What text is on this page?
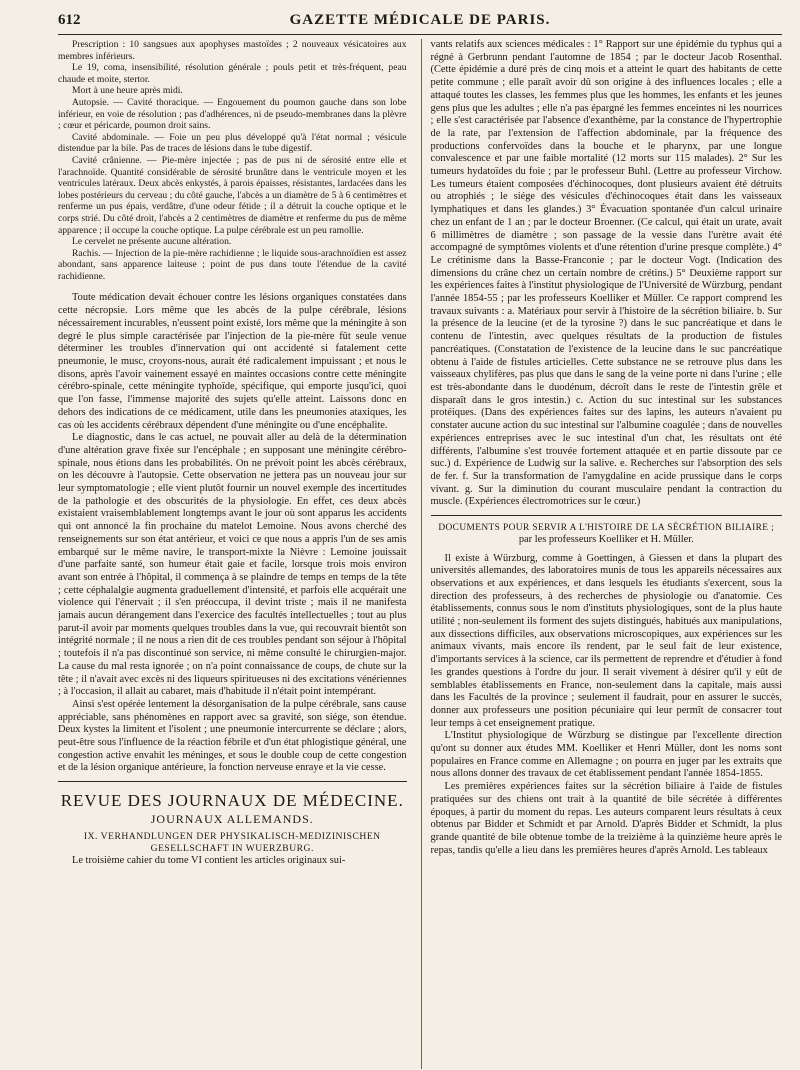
612	GAZETTE MÉDICALE DE PARIS.

Prescription : 10 sangsues aux apophyses mastoïdes ; 2 nouveaux vésicatoires aux membres inférieurs.

Le 19, coma, insensibilité, résolution générale ; pouls petit et très-fréquent, peau chaude et moite, stertor.

Mort à une heure après midi.

Autopsie. — Cavité thoracique. — Engouement du poumon gauche dans son lobe inférieur, en voie de résolution ; pas d'adhérences, ni de pseudo-membranes dans la plèvre ; cœur et péricarde, poumon droit sains.

Cavité abdominale. — Foie un peu plus développé qu'à l'état normal ; vésicule distendue par la bile. Pas de traces de lésions dans le tube digestif.

Cavité crânienne. — Pie-mère injectée ; pas de pus ni de sérosité entre elle et l'arachnoïde. Quantité considérable de sérosité brunâtre dans le ventricule moyen et les ventricules latéraux. Deux abcès enkystés, à parois épaisses, résistantes, lardacées dans les lobes postérieurs du cerveau ; du côté gauche, l'abcès a un diamètre de 5 à 6 centimètres et renferme un pus épais, verdâtre, d'une odeur fétide ; il a détruit la couche optique et le corps strié. Du côté droit, l'abcès a 2 centimètres de diamètre et renferme du pus de même apparence ; il occupe la couche optique. La pulpe cérébrale est un peu ramollie.

Le cervelet ne présente aucune altération.

Rachis. — Injection de la pie-mère rachidienne ; le liquide sous-arachnoïdien est assez abondant, sans apparence laiteuse ; point de pus dans toute l'étendue de la cavité rachidienne.

Toute médication devait échouer contre les lésions organiques constatées dans cette nécropsie. Lors même que les abcès de la pulpe cérébrale, lésions nécessairement incurables, n'eussent point existé, lors même que la méningite à son degré le plus simple caractérisée par l'injection de la pie-mère fût seule venue déterminer les troubles d'innervation qui ont accidenté si fatalement cette pneumonie, le musc, croyons-nous, aurait été radicalement impuissant ; et nous le disons, après l'avoir vainement essayé en maintes occasions contre cette méningite cérébro-spinale, cette méningite typhoïde, spécifique, qui emporte jusqu'ici, quoi que l'on fasse, l'immense majorité des sujets qu'elle atteint. Laissons donc en dehors des indications de ce médicament, utile dans les pneumonies ataxiques, les cas où les accidents cérébraux dépendent d'une méningite ou d'une encéphalite.

Le diagnostic, dans le cas actuel, ne pouvait aller au delà de la détermination d'une altération grave fixée sur l'encéphale ; en supposant une méningite cérébro-spinale, nous étions dans les probabilités. On ne prévoit point les abcès cérébraux, on les découvre à l'autopsie. Cette observation ne jettera pas un nouveau jour sur leur symptomatologie ; elle vient plutôt fournir un nouvel exemple des incertitudes de la pathologie et des obscurités de la physiologie. En effet, ces deux abcès existaient vraisemblablement longtemps avant le jour où sont apparus les accidents qui ont annoncé la fin prochaine du matelot Lemoine. Nous avons cherché des renseignements sur son état antérieur, et voici ce que nous a appris l'un de ses amis embarqué sur le même navire, le transport-mixte la Nièvre : Lemoine jouissait d'une parfaite santé, son humeur était gaie et facile, lorsque trois mois environ avant son entrée à l'hôpital, il commença à se plaindre de temps en temps de la tête ; cette céphalalgie augmenta graduellement d'intensité, et parfois elle acquérait une violence qui l'énervait ; il s'en préoccupa, il devint triste ; mais il ne manifesta jamais aucun dérangement dans l'exercice des facultés intellectuelles ; tout au plus parut-il avoir par moments quelques troubles dans la vue, qui recouvrait bientôt son intégrité normale ; il ne nous a rien dit de ces troubles pendant son séjour à l'hôpital ; toutefois il n'a pas discontinué son service, ni même consulté le chirurgien-major. La cause du mal resta ignorée ; on n'a point connaissance de coups, de chute sur la tête ; il n'avait avec excès ni des liqueurs spiritueuses ni des excitations vénériennes ; à l'occasion, il allait au cabaret, mais d'habitude il n'était point intempérant.

Ainsi s'est opérée lentement la désorganisation de la pulpe cérébrale, sans cause appréciable, sans phénomènes en rapport avec sa gravité, son siége, son étendue. Deux kystes la limitent et l'isolent ; une pneumonie intercurrente se déclare ; alors, peut-être sous l'influence de la réaction fébrile et d'un état phlogistique général, une congestion active envahit les méninges, et sous le double coup de cette congestion et de la lésion organique antérieure, la fonction nerveuse enraye et la vie cesse.

REVUE DES JOURNAUX DE MÉDECINE.
JOURNAUX ALLEMANDS.
IX. VERHANDLUNGEN DER PHYSIKALISCH-MEDIZINISCHEN
GESELLSCHAFT IN WUERZBURG.

Le troisième cahier du tome VI contient les articles originaux sui-

vants relatifs aux sciences médicales : 1° Rapport sur une épidémie du typhus qui a régné à Gerbrunn pendant l'automne de 1854 ; par le docteur Jacob Rosenthal. (Cette épidémie a duré près de cinq mois et a atteint le quart des habitants de cette petite commune ; elle paraît avoir dû son origine à des influences locales ; elle a attaqué toutes les classes, les femmes plus que les hommes, les enfants et les jeunes gens plus que les adultes ; elle n'a pas épargné les femmes enceintes ni les nourrices ; elle s'est caractérisée par l'absence d'exanthème, par la constance de l'hypertrophie de la rate, par l'extension de l'affection abdominale, par la fréquence des productions confervoïdes dans la bouche et le pharynx, par une longue convalescence et par une faible mortalité (12 morts sur 115 malades). 2° Sur les tumeurs hydatoïdes du foie ; par le professeur Buhl. (Lettre au professeur Virchow. Les tumeurs étaient composées d'échinocoques, dont plusieurs avaient été détruits ou atrophiés ; le siége des vésicules d'échinocoques était dans les vaisseaux lymphatiques et dans les glandes.) 3° Évacuation spontanée d'un calcul urinaire chez un enfant de 1 an ; par le docteur Broenner. (Ce calcul, qui était un urate, avait 6 millimètres de diamètre ; son passage de la vessie dans l'urètre avait été accompagné de symptômes violents et d'une rétention d'urine presque complète.) 4° Le crétinisme dans la Basse-Franconie ; par le docteur Vogt. (Indication des dimensions du crâne chez un certain nombre de crétins.) 5° Deuxième rapport sur les expériences faites à l'institut physiologique de l'Université de Würzburg, pendant l'année 1854-55 ; par les professeurs Koelliker et Müller. Ce rapport comprend les travaux suivants : a. Matériaux pour servir à l'histoire de la sécrétion biliaire. b. Sur la présence de la leucine (et de la tyrosine ?) dans le suc pancréatique et dans le contenu de l'intestin, avec quelques résultats de la production de fistules pancréatiques. (Constatation de l'existence de la leucine dans le suc pancréatique obtenu à l'aide de fistules articielles. Cette substance ne se retrouve plus dans les vaisseaux chylifères, pas plus que dans le sang de la veine porte ni dans l'urine ; elle est très-abondante dans le duodénum, décroît dans le reste de l'intestin grêle et disparaît dans le gros intestin.) c. Action du suc intestinal sur les substances protéiques. (Dans des expériences faites sur des lapins, les auteurs n'avaient pu constater aucune action du suc intestinal sur l'albumine coagulée ; dans de nouvelles expériences entreprises avec le suc intestinal d'un chat, les résultats ont été différents, l'albumine s'est trouvée fortement attaquée et en partie dissoute par ce suc.) d. Expérience de Ludwig sur la salive. e. Recherches sur l'absorption des sels de fer. f. Sur la transformation de l'amygdaline en acide prussique dans le corps vivant. g. Sur la diminution du courant musculaire pendant la contraction du muscle. (Expériences électromotrices sur le cœur.)

DOCUMENTS POUR SERVIR A L'HISTOIRE DE LA SÉCRÉTION BILIAIRE ;
par les professeurs Koelliker et H. Müller.

Il existe à Würzburg, comme à Goettingen, à Giessen et dans la plupart des universités allemandes, des laboratoires munis de tous les appareils nécessaires aux observations et aux expériences, et dans lesquels les étudiants s'exercent, sous la direction des professeurs, à des recherches de physiologie ou d'anatomie. Ces établissements, connus sous le nom d'instituts physiologiques, sont de la plus haute utilité ; non-seulement ils forment des sujets distingués, habitués aux manipulations, aux dissections difficiles, aux observations microscopiques, aux expériences sur les animaux vivants, mais encore ils rendent, par le seul fait de leur existence, d'importants services à la science, car ils permettent de reprendre et d'étudier à fond les grandes questions à l'ordre du jour. Il serait vivement à désirer qu'il y eût de semblables établissements en France, non-seulement dans la capitale, mais aussi dans les Facultés de la province ; seulement il faudrait, pour en assurer le succès, donner aux professeurs une position pécuniaire qui leur permît de consacrer tout leur temps à cet enseignement pratique.

L'Institut physiologique de Würzburg se distingue par l'excellente direction qu'ont su donner aux études MM. Koelliker et Henri Müller, dont les noms sont populaires en France comme en Allemagne ; on pourra en juger par les extraits que nous allons donner des travaux de cet établissement pendant l'année 1854-1855.

Les premières expériences faites sur la sécrétion biliaire à l'aide de fistules pratiquées sur des chiens ont trait à la quantité de bile sécrétée à différentes époques, à partir du moment du repas. Les auteurs comparent leurs résultats à ceux obtenus par Bidder et Schmidt et par Arnold. D'après Bidder et Schmidt, la plus grande quantité de bile obtenue tombe de la treizième à la quinzième heure après le repas, tandis qu'elle a lieu dans les premières heures d'après Arnold. Les tableaux
